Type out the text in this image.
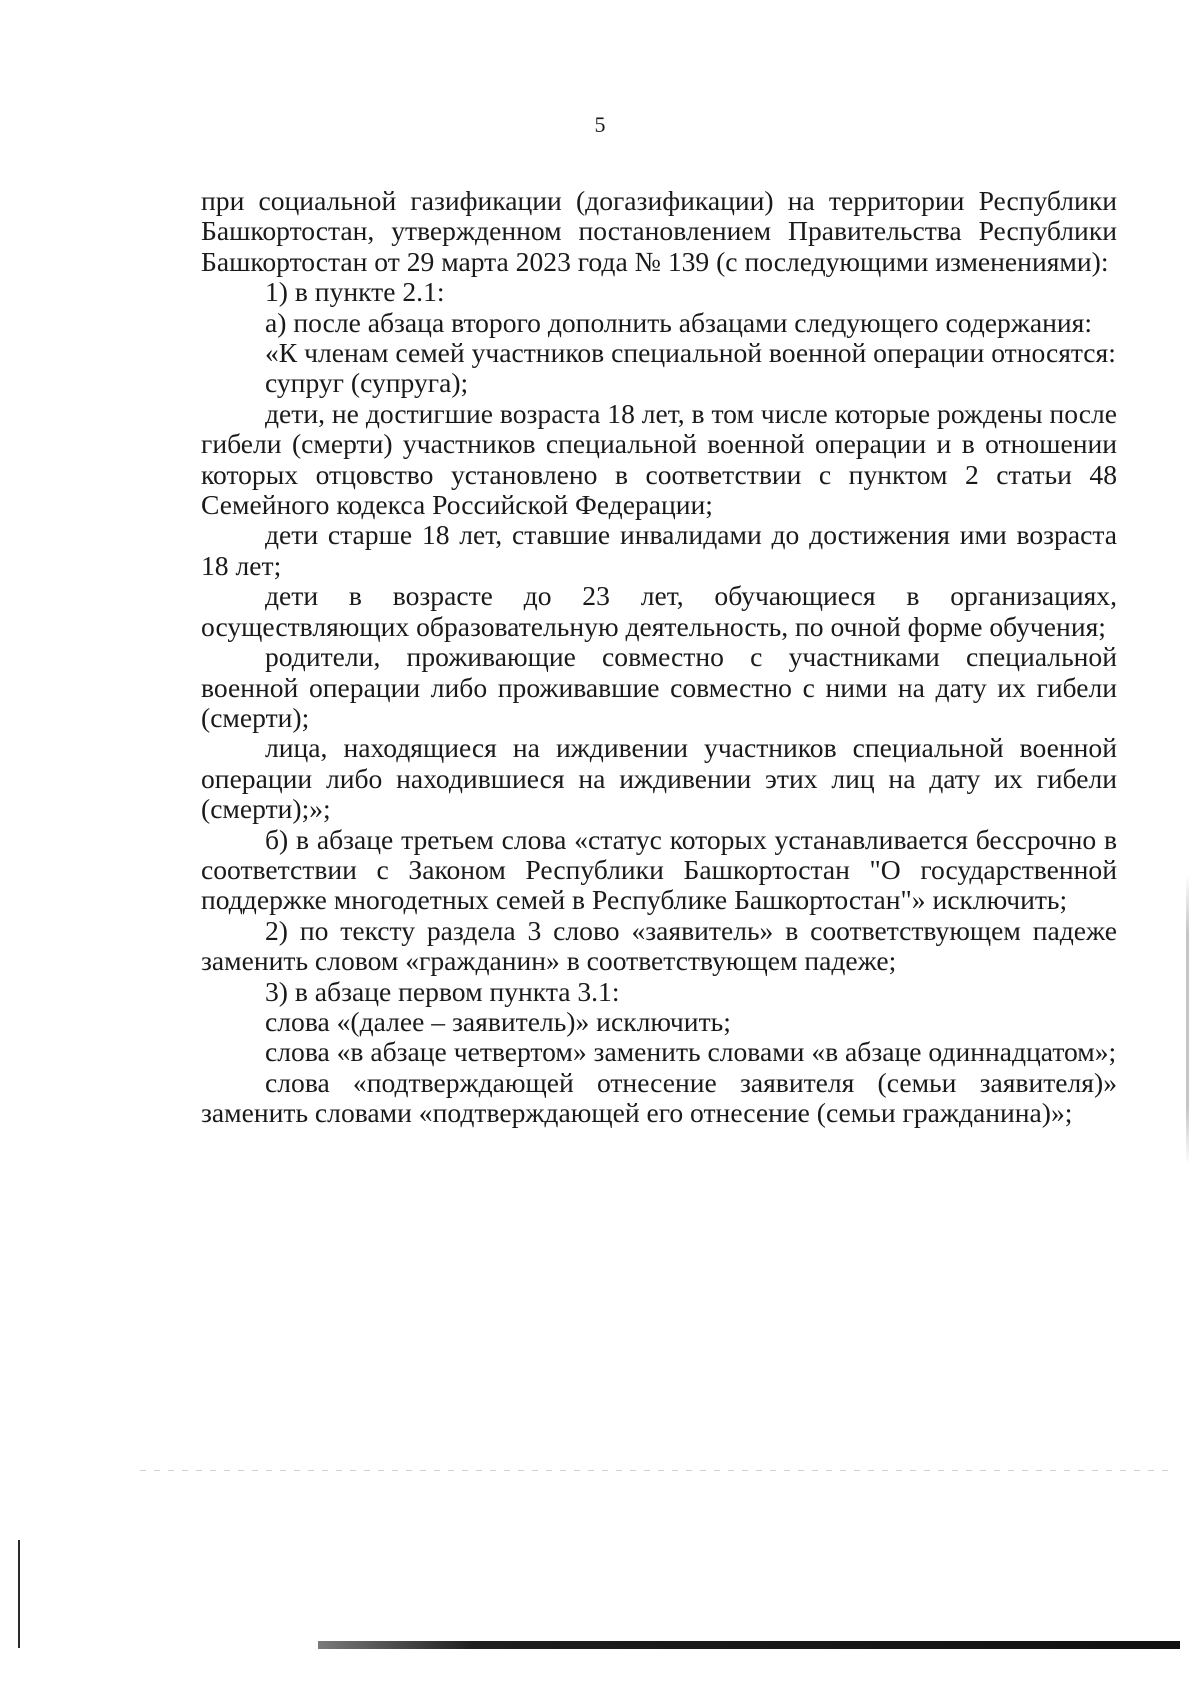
5

при социальной газификации (догазификации) на территории Республики Башкортостан, утвержденном постановлением Правительства Республики Башкортостан от 29 марта 2023 года № 139 (с последующими изменениями):

1) в пункте 2.1:

а) после абзаца второго дополнить абзацами следующего содержания:

«К членам семей участников специальной военной операции относятся:

супруг (супруга);

дети, не достигшие возраста 18 лет, в том числе которые рождены после гибели (смерти) участников специальной военной операции и в отношении которых отцовство установлено в соответствии с пунктом 2 статьи 48 Семейного кодекса Российской Федерации;

дети старше 18 лет, ставшие инвалидами до достижения ими возраста 18 лет;

дети в возрасте до 23 лет, обучающиеся в организациях, осуществляющих образовательную деятельность, по очной форме обучения;

родители, проживающие совместно с участниками специальной военной операции либо проживавшие совместно с ними на дату их гибели (смерти);

лица, находящиеся на иждивении участников специальной военной операции либо находившиеся на иждивении этих лиц на дату их гибели (смерти);»;

б) в абзаце третьем слова «статус которых устанавливается бессрочно в соответствии с Законом Республики Башкортостан "О государственной поддержке многодетных семей в Республике Башкортостан"» исключить;

2) по тексту раздела 3 слово «заявитель» в соответствующем падеже заменить словом «гражданин» в соответствующем падеже;

3) в абзаце первом пункта 3.1:

слова «(далее – заявитель)» исключить;

слова «в абзаце четвертом» заменить словами «в абзаце одиннадцатом»;

слова «подтверждающей отнесение заявителя (семьи заявителя)» заменить словами «подтверждающей его отнесение (семьи гражданина)»;
